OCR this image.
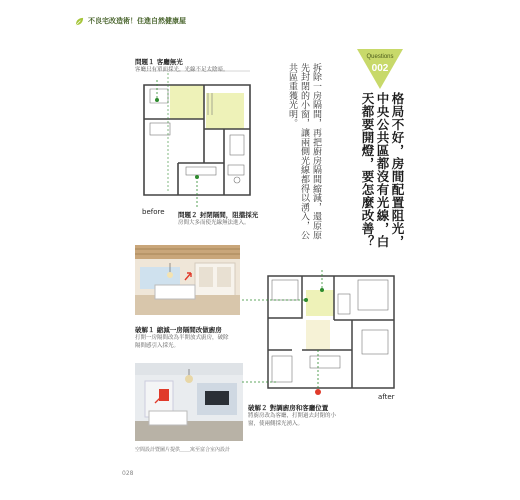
不良宅改造術！住進自然健康屋
before
問題１ 客廳無光
客廳只有單面採光，光線不足太陰暗。
問題２ 封閉隔間，阻擋採光
房間大多而使光線無法進入。
Questions
002
格局不好，房間配置阻光，
中央公共區都沒有光線，白
天都要開燈，要怎麼改善？
拆除一房隔間，再把廚房隔間縮減，還原原
先封閉的小窗，讓兩側光線都得以湧入，公
共區重獲光明。
破解１ 縮減一房隔間改做廚房
打開一房隔間改為半開放式廚房，破除
隔間感引入採光。
破解２ 對調廚房和客廳位置
將廚房改為客廳，打開過去封閉的小
窗，使兩側採光湧入。
after
空間設計暨圖片提供＿＿寓至富合室內設計
028
